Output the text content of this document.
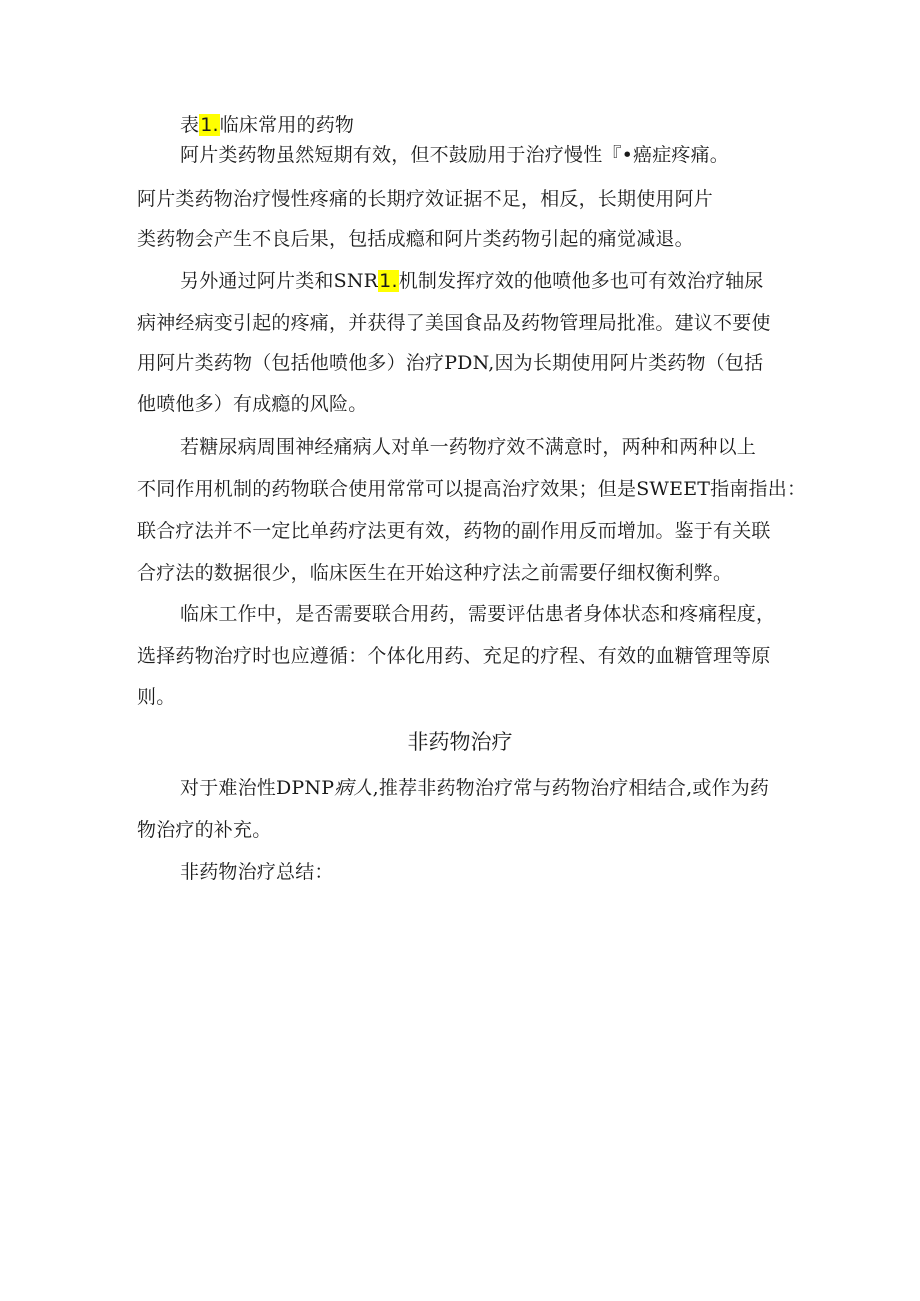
表1.临床常用的药物
阿片类药物虽然短期有效，但不鼓励用于治疗慢性『•癌症疼痛。
阿片类药物治疗慢性疼痛的长期疗效证据不足，相反，长期使用阿片
类药物会产生不良后果，包括成瘾和阿片类药物引起的痛觉减退。
另外通过阿片类和SNR1.机制发挥疗效的他喷他多也可有效治疗轴尿
病神经病变引起的疼痛，并获得了美国食品及药物管理局批准。建议不要使
用阿片类药物（包括他喷他多）治疗PDN,因为长期使用阿片类药物（包括
他喷他多）有成瘾的风险。
若糖尿病周围神经痛病人对单一药物疗效不满意时，两种和两种以上
不同作用机制的药物联合使用常常可以提高治疗效果；但是SWEET指南指出：
联合疗法并不一定比单药疗法更有效，药物的副作用反而增加。鉴于有关联
合疗法的数据很少，临床医生在开始这种疗法之前需要仔细权衡利弊。
临床工作中，是否需要联合用药，需要评估患者身体状态和疼痛程度，
选择药物治疗时也应遵循：个体化用药、充足的疗程、有效的血糖管理等原
则。
非药物治疗
对于难治性DPNP病人,推荐非药物治疗常与药物治疗相结合,或作为药
物治疗的补充。
非药物治疗总结：
